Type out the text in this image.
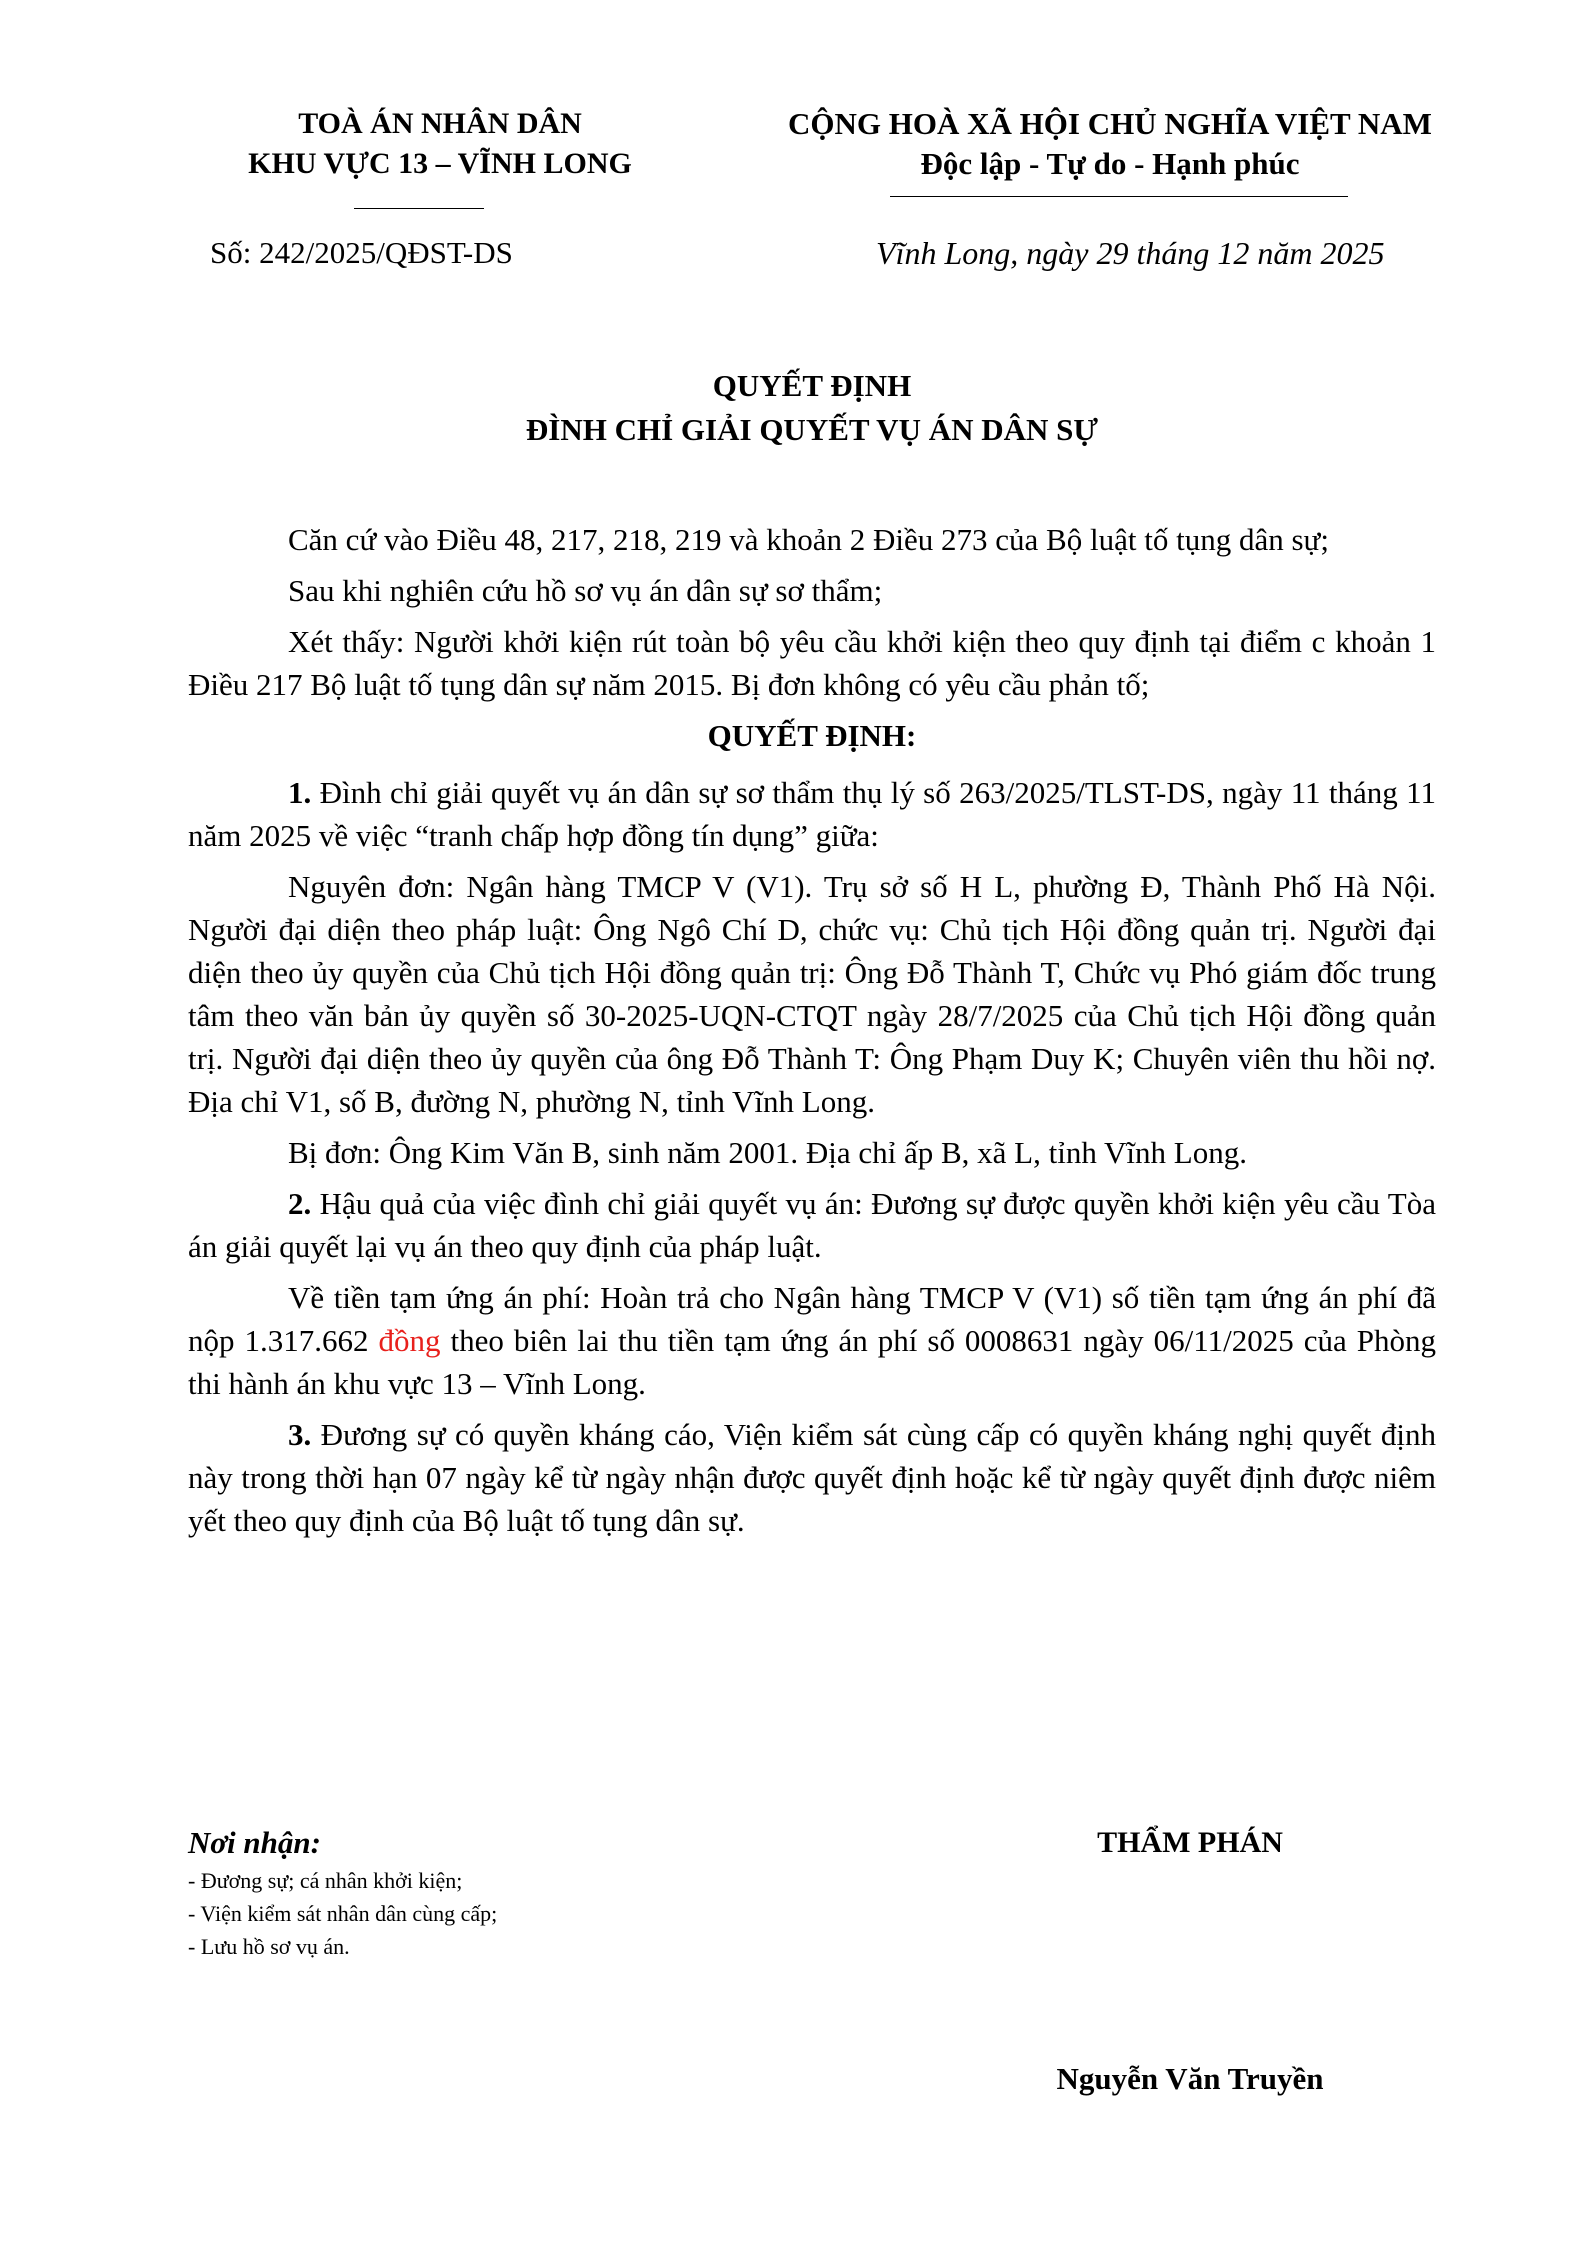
TOÀ ÁN NHÂN DÂN
KHU VỰC 13 – VĨNH LONG
CỘNG HOÀ XÃ HỘI CHỦ NGHĨA VIỆT NAM
Độc lập - Tự do - Hạnh phúc
Số: 242/2025/QĐST-DS	Vĩnh Long, ngày 29 tháng 12 năm 2025
QUYẾT ĐỊNH
ĐÌNH CHỈ GIẢI QUYẾT VỤ ÁN DÂN SỰ

Căn cứ vào Điều 48, 217, 218, 219 và khoản 2 Điều 273 của Bộ luật tố tụng dân sự;

Sau khi nghiên cứu hồ sơ vụ án dân sự sơ thẩm;

Xét thấy: Người khởi kiện rút toàn bộ yêu cầu khởi kiện theo quy định tại điểm c khoản 1 Điều 217 Bộ luật tố tụng dân sự năm 2015. Bị đơn không có yêu cầu phản tố;

QUYẾT ĐỊNH:

1. Đình chỉ giải quyết vụ án dân sự sơ thẩm thụ lý số 263/2025/TLST-DS, ngày 11 tháng 11 năm 2025 về việc “tranh chấp hợp đồng tín dụng” giữa:

Nguyên đơn: Ngân hàng TMCP V (V1). Trụ sở số H L, phường Đ, Thành Phố Hà Nội. Người đại diện theo pháp luật: Ông Ngô Chí D, chức vụ: Chủ tịch Hội đồng quản trị. Người đại diện theo ủy quyền của Chủ tịch Hội đồng quản trị: Ông Đỗ Thành T, Chức vụ Phó giám đốc trung tâm theo văn bản ủy quyền số 30-2025-UQN-CTQT ngày 28/7/2025 của Chủ tịch Hội đồng quản trị. Người đại diện theo ủy quyền của ông Đỗ Thành T: Ông Phạm Duy K; Chuyên viên thu hồi nợ. Địa chỉ V1, số B, đường N, phường N, tỉnh Vĩnh Long.

Bị đơn: Ông Kim Văn B, sinh năm 2001. Địa chỉ ấp B, xã L, tỉnh Vĩnh Long.

2. Hậu quả của việc đình chỉ giải quyết vụ án: Đương sự được quyền khởi kiện yêu cầu Tòa án giải quyết lại vụ án theo quy định của pháp luật.

Về tiền tạm ứng án phí: Hoàn trả cho Ngân hàng TMCP V (V1) số tiền tạm ứng án phí đã nộp 1.317.662 đồng theo biên lai thu tiền tạm ứng án phí số 0008631 ngày 06/11/2025 của Phòng thi hành án khu vực 13 – Vĩnh Long.

3. Đương sự có quyền kháng cáo, Viện kiểm sát cùng cấp có quyền kháng nghị quyết định này trong thời hạn 07 ngày kể từ ngày nhận được quyết định hoặc kể từ ngày quyết định được niêm yết theo quy định của Bộ luật tố tụng dân sự.

Nơi nhận:
- Đương sự; cá nhân khởi kiện;
- Viện kiểm sát nhân dân cùng cấp;
- Lưu hồ sơ vụ án.
THẨM PHÁN
Nguyễn Văn Truyền
